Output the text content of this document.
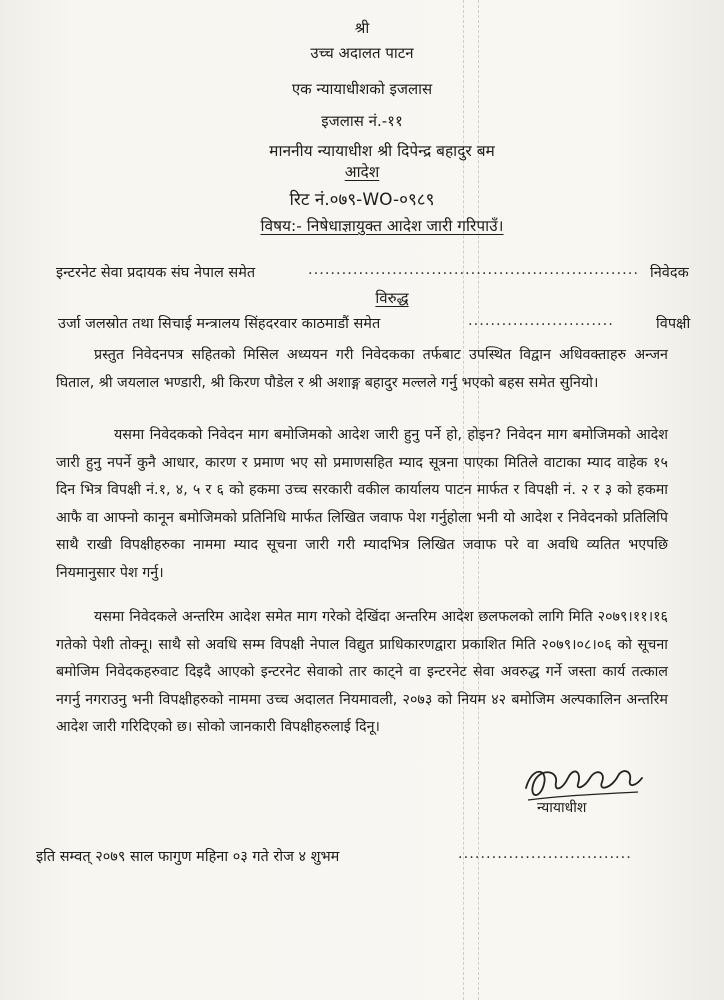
श्री
उच्च अदालत पाटन
एक न्यायाधीशको इजलास
इजलास नं.-११
माननीय न्यायाधीश श्री दिपेन्द्र बहादुर बम
आदेश
रिट नं.०७९-WO-०९८९
विषय:- निषेधाज्ञायुक्त आदेश जारी गरिपाउँ।
इन्टरनेट सेवा प्रदायक संघ नेपाल समेत	........................................................... निवेदक
विरुद्ध
उर्जा जलस्रोत तथा सिचाई मन्त्रालय सिंहदरवार काठमाडौं समेत	..........................	विपक्षी
प्रस्तुत निवेदनपत्र सहितको मिसिल अध्ययन गरी निवेदकका तर्फबाट उपस्थित विद्वान अधिवक्ताहरु अन्जन घिताल, श्री जयलाल भण्डारी, श्री किरण पौडेल र श्री अशाङ्ग बहादुर मल्लले गर्नु भएको बहस समेत सुनियो।
यसमा निवेदकको निवेदन माग बमोजिमको आदेश जारी हुनु पर्ने हो, होइन? निवेदन माग बमोजिमको आदेश जारी हुनु नपर्ने कुनै आधार, कारण र प्रमाण भए सो प्रमाणसहित म्याद सूत्रना पाएका मितिले वाटाका म्याद वाहेक १५ दिन भित्र विपक्षी नं.१, ४, ५ र ६ को हकमा उच्च सरकारी वकील कार्यालय पाटन मार्फत र विपक्षी नं. २ र ३ को हकमा आफै वा आफ्नो कानून बमोजिमको प्रतिनिधि मार्फत लिखित जवाफ पेश गर्नुहोला भनी यो आदेश र निवेदनको प्रतिलिपि साथै राखी विपक्षीहरुका नाममा म्याद सूचना जारी गरी म्यादभित्र लिखित जवाफ परे वा अवधि व्यतित भएपछि नियमानुसार पेश गर्नु।
यसमा निवेदकले अन्तरिम आदेश समेत माग गरेको देखिंदा अन्तरिम आदेश छलफलको लागि मिति २०७९।११।१६ गतेको पेशी तोक्नू। साथै सो अवधि सम्म विपक्षी नेपाल विद्युत प्राधिकारणद्वारा प्रकाशित मिति २०७९।०८।०६ को सूचना बमोजिम निवेदकहरुवाट दिइदै आएको इन्टरनेट सेवाको तार काट्ने वा इन्टरनेट सेवा अवरुद्ध गर्ने जस्ता कार्य तत्काल नगर्नु नगराउनु भनी विपक्षीहरुको नाममा उच्च अदालत नियमावली, २०७३ को नियम ४२ बमोजिम अल्पकालिन अन्तरिम आदेश जारी गरिदिएको छ। सोको जानकारी विपक्षीहरुलाई दिनू।
न्यायाधीश
इति सम्वत् २०७९ साल फागुण महिना ०३ गते रोज ४ शुभम	...............................
